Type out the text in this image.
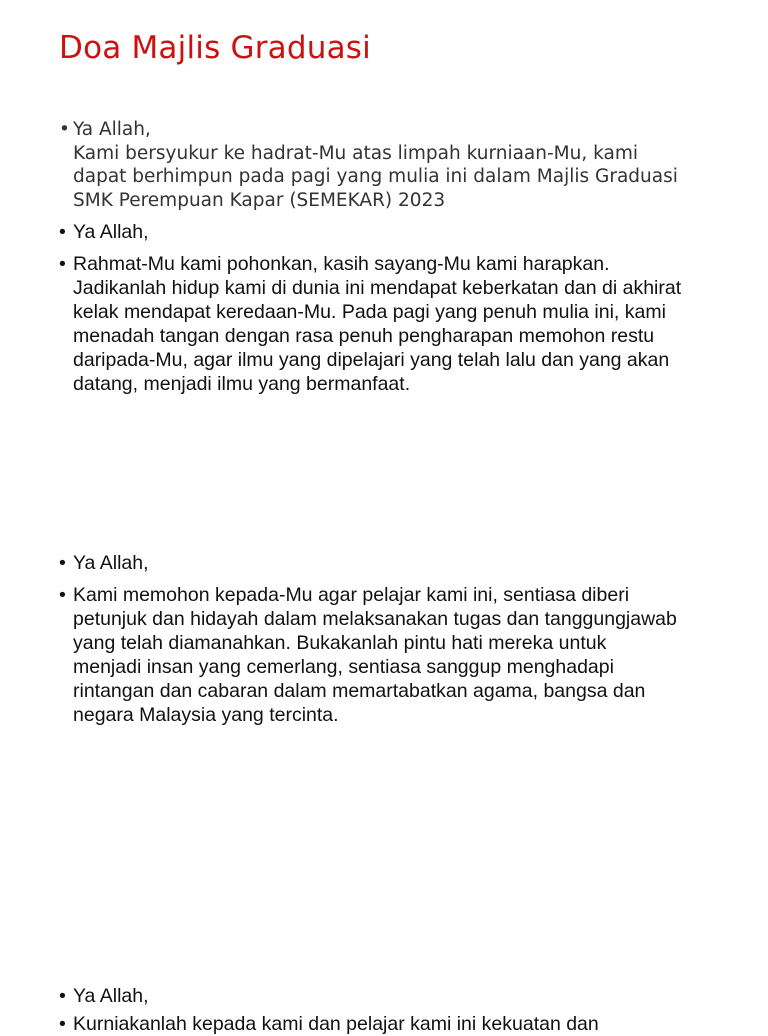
Doa Majlis Graduasi
• Ya Allah,
Kami bersyukur ke hadrat-Mu atas limpah kurniaan-Mu, kami
dapat berhimpun pada pagi yang mulia ini dalam Majlis Graduasi
SMK Perempuan Kapar (SEMEKAR) 2023
• Ya Allah,
• Rahmat-Mu kami pohonkan, kasih sayang-Mu kami harapkan.
Jadikanlah hidup kami di dunia ini mendapat keberkatan dan di akhirat
kelak mendapat keredaan-Mu. Pada pagi yang penuh mulia ini, kami
menadah tangan dengan rasa penuh pengharapan memohon restu
daripada-Mu, agar ilmu yang dipelajari yang telah lalu dan yang akan
datang, menjadi ilmu yang bermanfaat.
• Ya Allah,
• Kami memohon kepada-Mu agar pelajar kami ini, sentiasa diberi
petunjuk dan hidayah dalam melaksanakan tugas dan tanggungjawab
yang telah diamanahkan. Bukakanlah pintu hati mereka untuk
menjadi insan yang cemerlang, sentiasa sanggup menghadapi
rintangan dan cabaran dalam memartabatkan agama, bangsa dan
negara Malaysia yang tercinta.
• Ya Allah,
• Kurniakanlah kepada kami dan pelajar kami ini kekuatan dan
